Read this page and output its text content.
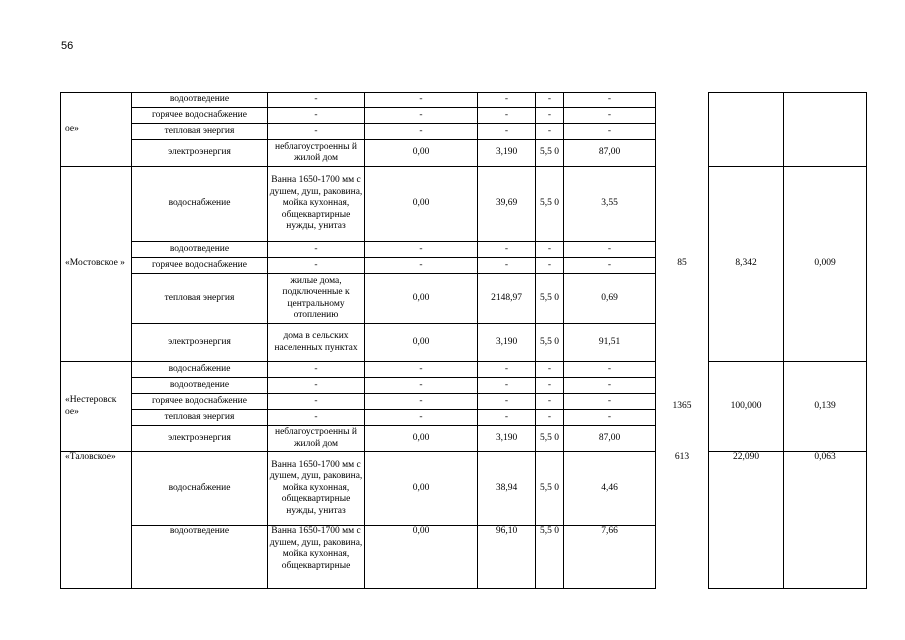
56
ое»	водоотведение	-	-	-	-	-			
	горячее водоснабжение	-	-	-	-	-			
	тепловая энергия	-	-	-	-	-			
	электроэнергия	неблагоустроенны й жилой дом	0,00	3,190	5,5 0	87,00			
«Мостовское »	водоснабжение	Ванна 1650-1700 мм с душем, душ, раковина, мойка кухонная, общеквартирные нужды, унитаз	0,00	39,69	5,5 0	3,55	85	8,342	0,009
	водоотведение	-	-	-	-	-			
	горячее водоснабжение	-	-	-	-	-			
	тепловая энергия	жилые дома, подключенные к центральному отоплению	0,00	2148,97	5,5 0	0,69			
	электроэнергия	дома в сельских населенных пунктах	0,00	3,190	5,5 0	91,51			
«Нестеровск ое»	водоснабжение	-	-	-	-	-	1365	100,000	0,139
	водоотведение	-	-	-	-	-			
	горячее водоснабжение	-	-	-	-	-			
	тепловая энергия	-	-	-	-	-			
	электроэнергия	неблагоустроенны й жилой дом	0,00	3,190	5,5 0	87,00			
«Таловское»	водоснабжение	Ванна 1650-1700 мм с душем, душ, раковина, мойка кухонная, общеквартирные нужды, унитаз	0,00	38,94	5,5 0	4,46	613	22,090	0,063
	водоотведение	Ванна 1650-1700 мм с душем, душ, раковина, мойка кухонная, общеквартирные	0,00	96,10	5,5 0	7,66			
